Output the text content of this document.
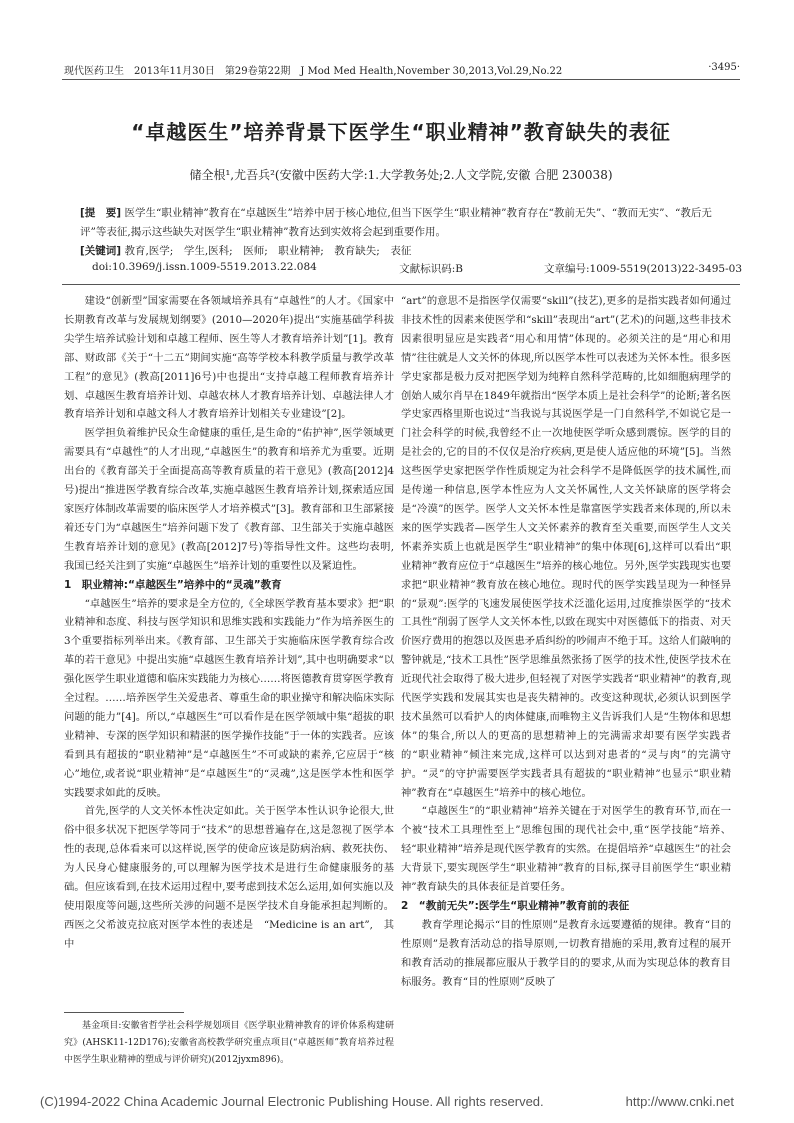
现代医药卫生　2013年11月30日　第29卷第22期　J Mod Med Health,November 30,2013,Vol.29,No.22	·3495·
“卓越医生”培养背景下医学生“职业精神”教育缺失的表征
储全根¹,尤吾兵²(安徽中医药大学:1.大学教务处;2.人文学院,安徽 合肥 230038)
[提　要] 医学生“职业精神”教育在“卓越医生”培养中居于核心地位,但当下医学生“职业精神”教育存在“教前无失”、“教而无实”、“教后无评”等表征,揭示这些缺失对医学生“职业精神”教育达到实效将会起到重要作用。
[关键词] 教育,医学;　学生,医科;　医师;　职业精神;　教育缺失;　表征
doi:10.3969/j.issn.1009-5519.2013.22.084	文献标识码:B	文章编号:1009-5519(2013)22-3495-03

建设“创新型”国家需要在各领域培养具有“卓越性”的人才。《国家中长期教育改革与发展规划纲要》(2010—2020年)提出“实施基础学科拔尖学生培养试验计划和卓越工程师、医生等人才教育培养计划”[1]。教育部、财政部《关于“十二五”期间实施“高等学校本科教学质量与教学改革工程”的意见》(教高[2011]6号)中也提出“支持卓越工程师教育培养计划、卓越医生教育培养计划、卓越农林人才教育培养计划、卓越法律人才教育培养计划和卓越文科人才教育培养计划相关专业建设”[2]。

医学担负着维护民众生命健康的重任,是生命的“佑护神”,医学领域更需要具有“卓越性”的人才出现,“卓越医生”的教育和培养尤为重要。近期出台的《教育部关于全面提高高等教育质量的若干意见》(教高[2012]4号)提出“推进医学教育综合改革,实施卓越医生教育培养计划,探索适应国家医疗体制改革需要的临床医学人才培养模式”[3]。教育部和卫生部紧接着还专门为“卓越医生”培养问题下发了《教育部、卫生部关于实施卓越医生教育培养计划的意见》(教高[2012]7号)等指导性文件。这些均表明,我国已经关注到了实施“卓越医生”培养计划的重要性以及紧迫性。

1　职业精神:“卓越医生”培养中的“灵魂”教育

“卓越医生”培养的要求是全方位的,《全球医学教育基本要求》把“职业精神和态度、科技与医学知识和思维实践和实践能力”作为培养医生的3个重要指标列举出来。《教育部、卫生部关于实施临床医学教育综合改革的若干意见》中提出实施“卓越医生教育培养计划”,其中也明确要求“以强化医学生职业道德和临床实践能力为核心……将医德教育贯穿医学教育全过程。……培养医学生关爱患者、尊重生命的职业操守和解决临床实际问题的能力”[4]。所以,“卓越医生”可以看作是在医学领域中集“超拔的职业精神、专深的医学知识和精湛的医学操作技能”于一体的实践者。应该看到具有超拔的“职业精神”是“卓越医生”不可或缺的素养,它应居于“核心”地位,或者说“职业精神”是“卓越医生”的“灵魂”,这是医学本性和医学实践要求如此的反映。

首先,医学的人文关怀本性决定如此。关于医学本性认识争论很大,世俗中很多状况下把医学等同于“技术”的思想普遍存在,这是忽视了医学本性的表现,总体看来可以这样说,医学的使命应该是防病治病、救死扶伤、为人民身心健康服务的,可以理解为医学技术是进行生命健康服务的基础。但应该看到,在技术运用过程中,要考虑到技术怎么运用,如何实施以及使用限度等问题,这些所关涉的问题不是医学技术自身能承担起判断的。西医之父希波克拉底对医学本性的表述是　“Medicine is an art”,　其中

“art”的意思不是指医学仅需要“skill”(技艺),更多的是指实践者如何通过非技术性的因素来使医学和“skill”表现出“art”(艺术)的问题,这些非技术因素很明显应是实践者“用心和用情”体现的。必须关注的是“用心和用情”往往就是人文关怀的体现,所以医学本性可以表述为关怀本性。很多医学史家都是极力反对把医学划为纯粹自然科学范畴的,比如细胞病理学的创始人威尔肖早在1849年就指出“医学本质上是社会科学”的论断;著名医学史家西格里斯也说过“当我说与其说医学是一门自然科学,不如说它是一门社会科学的时候,我曾经不止一次地使医学听众感到震惊。医学的目的是社会的,它的目的不仅仅是治疗疾病,更是使人适应他的环境”[5]。当然这些医学史家把医学作性质规定为社会科学不是降低医学的技术属性,而是传递一种信息,医学本性应为人文关怀属性,人文关怀缺席的医学将会是“冷漠”的医学。医学人文关怀本性是靠富医学实践者来体现的,所以未来的医学实践者—医学生人文关怀素养的教育至关重要,而医学生人文关怀素养实质上也就是医学生“职业精神”的集中体现[6],这样可以看出“职业精神”教育应位于“卓越医生”培养的核心地位。另外,医学实践现实也要求把“职业精神”教育放在核心地位。现时代的医学实践呈现为一种怪异的“景观”:医学的飞速发展使医学技术泛滥化运用,过度推崇医学的“技术工具性”削弱了医学人文关怀本性,以致在现实中对医德低下的指责、对天价医疗费用的抱怨以及医患矛盾纠纷的吵闹声不绝于耳。这给人们敲响的警钟就是,“技术工具性”医学思维虽然张扬了医学的技术性,使医学技术在近现代社会取得了极大进步,但轻视了对医学实践者“职业精神”的教育,现代医学实践和发展其实也是丧失精神的。改变这种现状,必须认识到医学技术虽然可以看护人的肉体健康,而唯物主义告诉我们人是“生物体和思想体”的集合,所以人的更高的思想精神上的完满需求却要有医学实践者的“职业精神”倾注来完成,这样可以达到对患者的“灵与肉”的完满守护。“灵”的守护需要医学实践者具有超拔的“职业精神”也显示“职业精神”教育在“卓越医生”培养中的核心地位。

“卓越医生”的“职业精神”培养关键在于对医学生的教育环节,而在一个被“技术工具理性至上”思维包围的现代社会中,重“医学技能”培养、轻“职业精神”培养是现代医学教育的实然。在提倡培养“卓越医生”的社会大背景下,要实现医学生“职业精神”教育的目标,探寻目前医学生“职业精神”教育缺失的具体表征是首要任务。

2　“教前无失”:医学生“职业精神”教育前的表征

教育学理论揭示“目的性原则”是教育永远要遵循的规律。教育“目的性原则”是教育活动总的指导原则,一切教育措施的采用,教育过程的展开和教育活动的推展都应服从于教学目的的要求,从而为实现总体的教育目标服务。教育“目的性原则”反映了

基金项目:安徽省哲学社会科学规划项目《医学职业精神教育的评价体系构建研究》(AHSK11-12D176);安徽省高校教学研究重点项目(“卓越医师”教育培养过程中医学生职业精神的塑成与评价研究)(2012jyxm896)。

(C)1994-2022 China Academic Journal Electronic Publishing House. All rights reserved.	http://www.cnki.net
